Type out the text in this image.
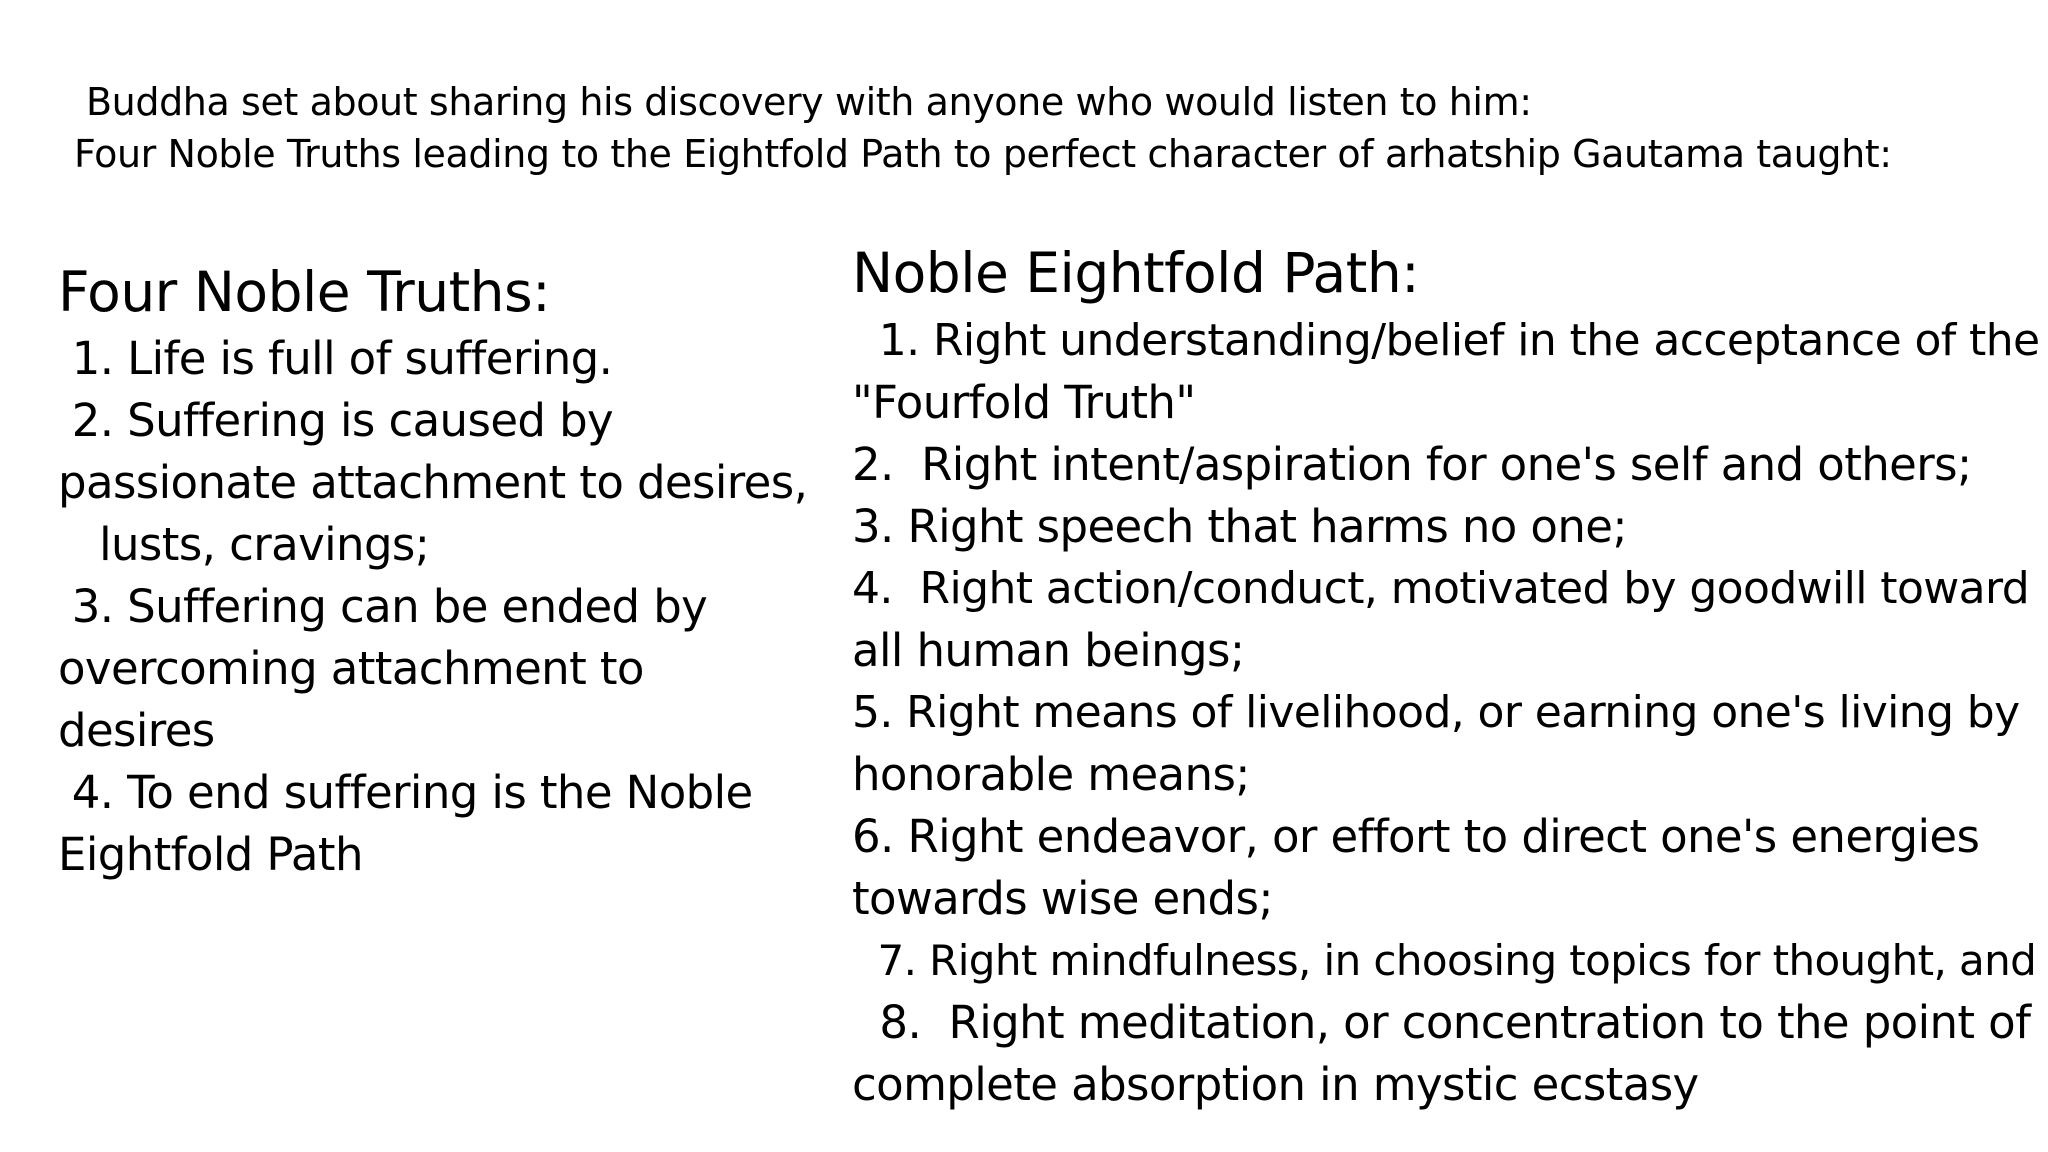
Buddha set about sharing his discovery with anyone who would listen to him:
Four Noble Truths leading to the Eightfold Path to perfect character of arhatship Gautama taught:
Four Noble Truths:
1. Life is full of suffering.
2. Suffering is caused by
passionate attachment to desires,
lusts, cravings;
3. Suffering can be ended by
overcoming attachment to
desires
4. To end suffering is the Noble
Eightfold Path
Noble Eightfold Path:
1. Right understanding/belief in the acceptance of the
"Fourfold Truth"
2.  Right intent/aspiration for one's self and others;
3. Right speech that harms no one;
4.  Right action/conduct, motivated by goodwill toward
all human beings;
5. Right means of livelihood, or earning one's living by
honorable means;
6. Right endeavor, or effort to direct one's energies
towards wise ends;
7. Right mindfulness, in choosing topics for thought, and
8.  Right meditation, or concentration to the point of
complete absorption in mystic ecstasy
